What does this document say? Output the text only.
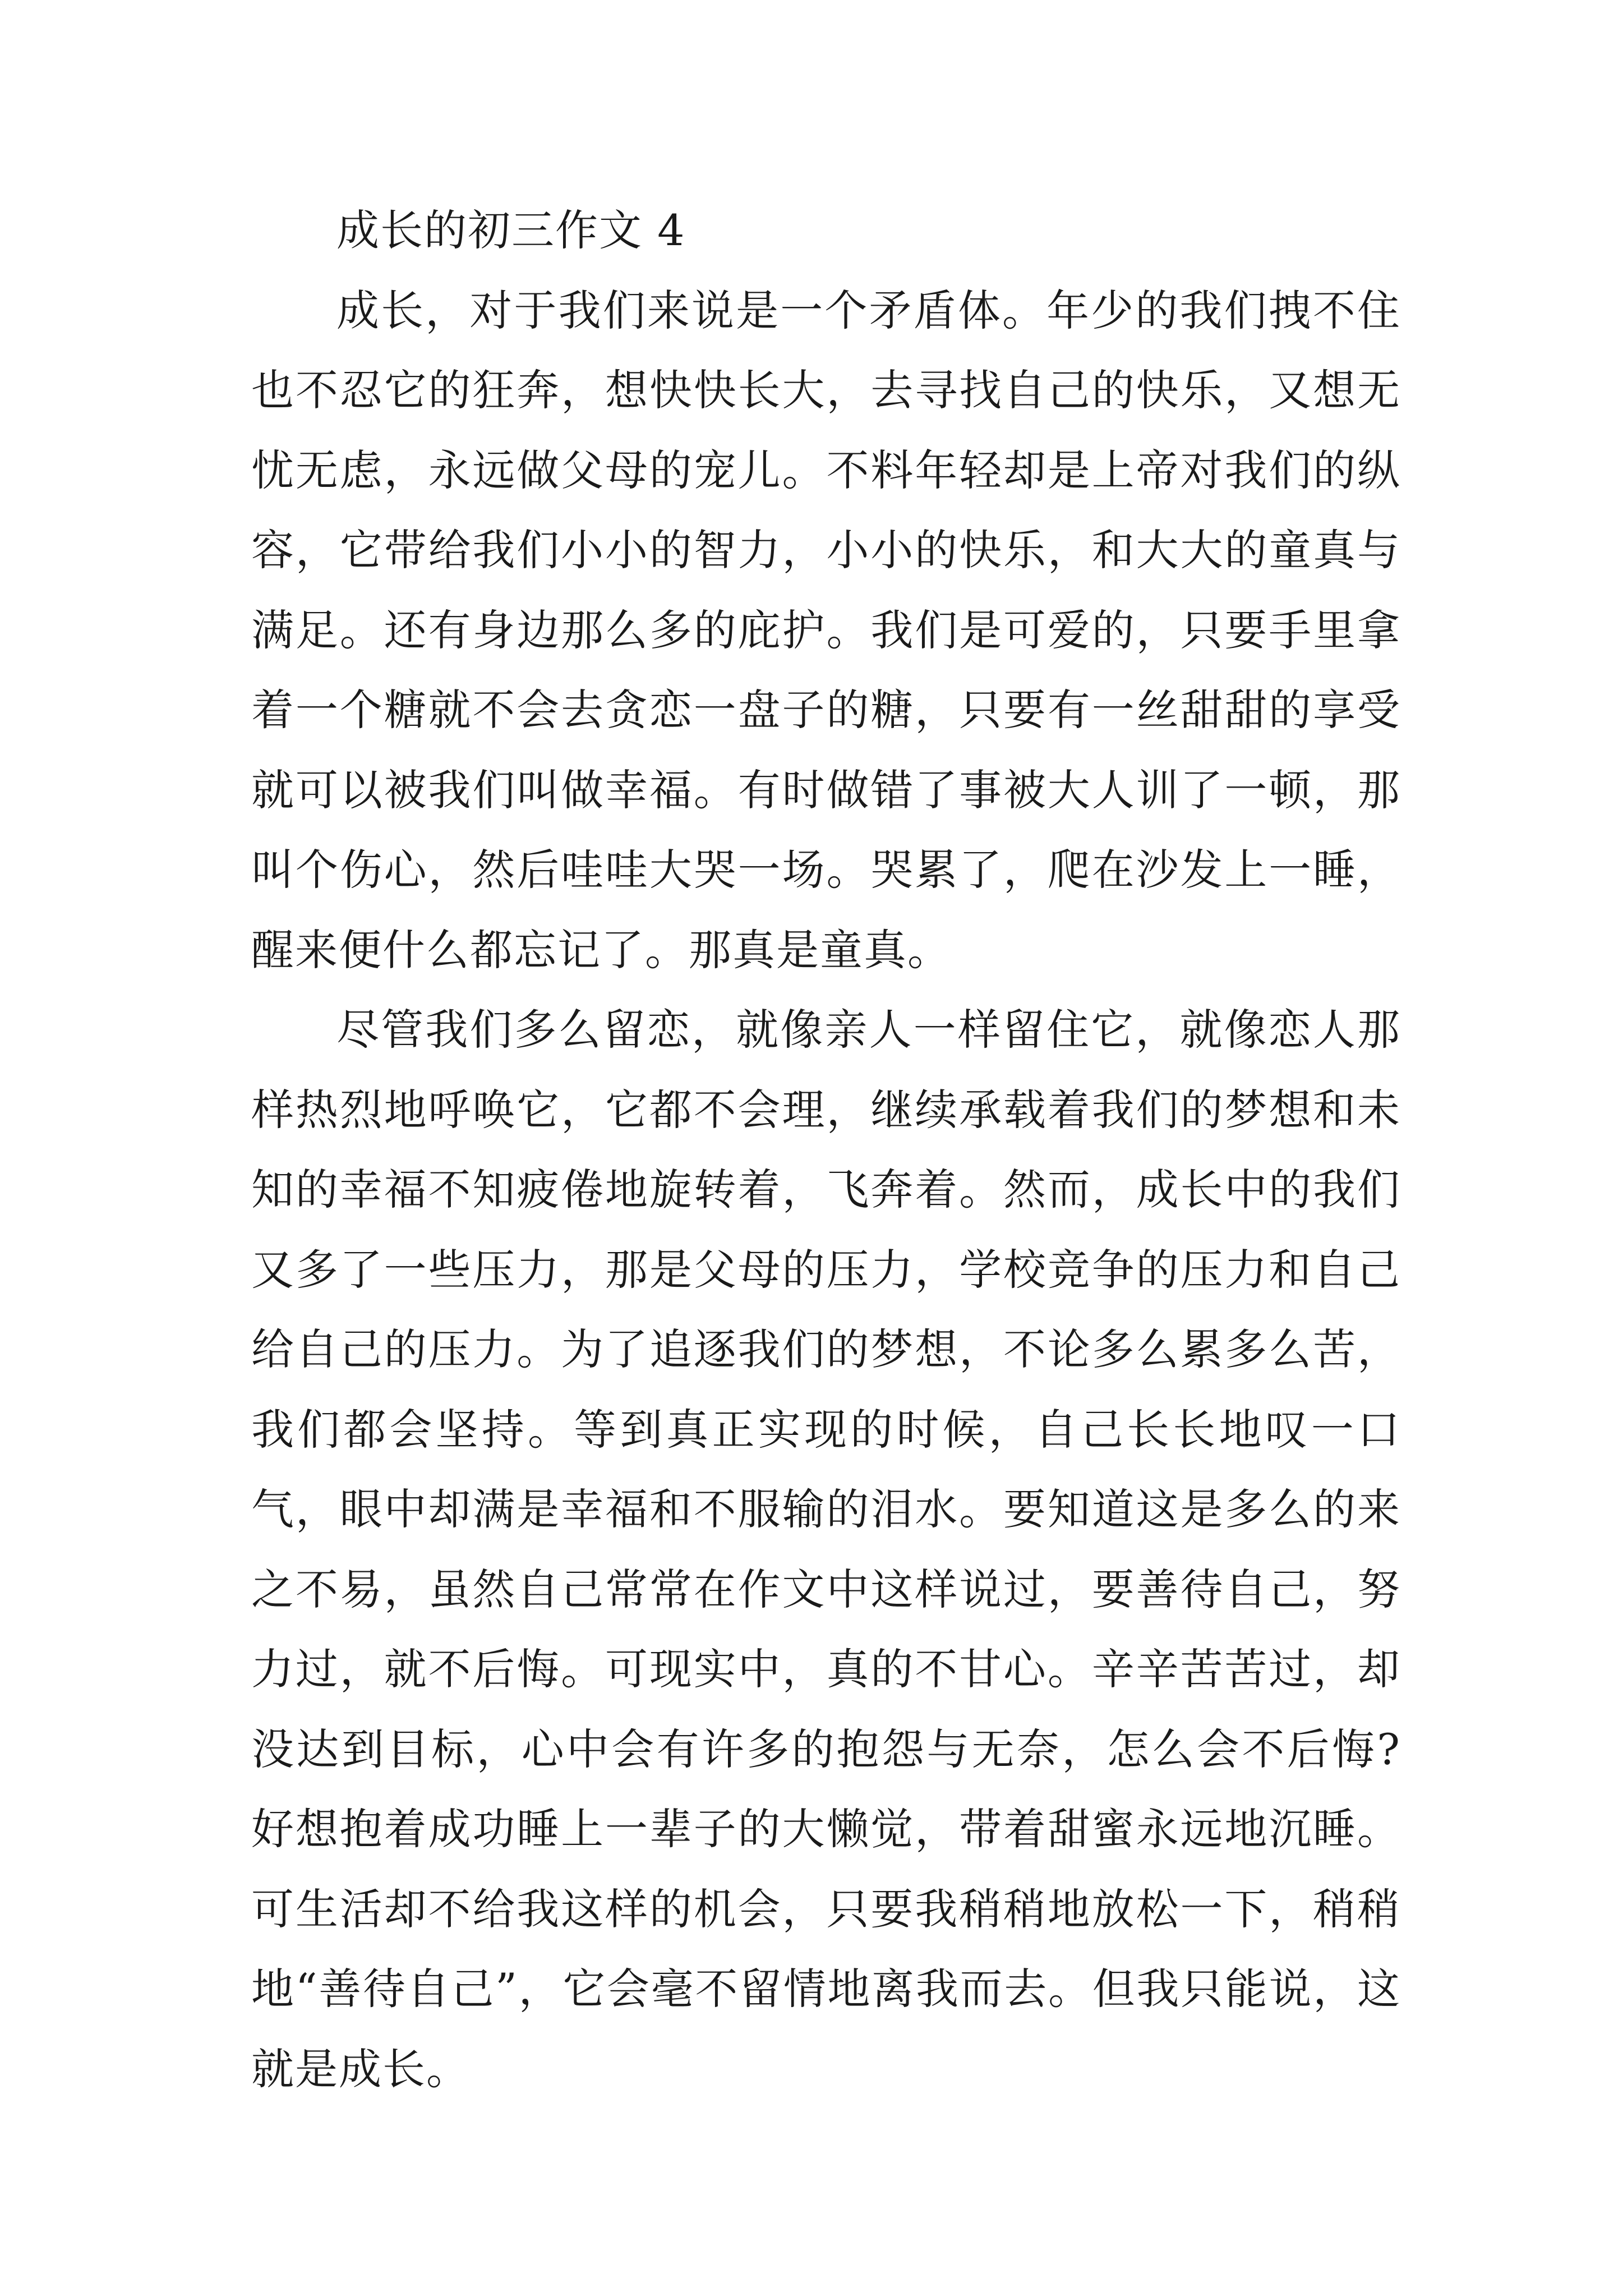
成长的初三作文 4

成长，对于我们来说是一个矛盾体。年少的我们拽不住也不忍它的狂奔，想快快长大，去寻找自己的快乐，又想无忧无虑，永远做父母的宠儿。不料年轻却是上帝对我们的纵容，它带给我们小小的智力，小小的快乐，和大大的童真与满足。还有身边那么多的庇护。我们是可爱的，只要手里拿着一个糖就不会去贪恋一盘子的糖，只要有一丝甜甜的享受就可以被我们叫做幸福。有时做错了事被大人训了一顿，那叫个伤心，然后哇哇大哭一场。哭累了，爬在沙发上一睡，醒来便什么都忘记了。那真是童真。

尽管我们多么留恋，就像亲人一样留住它，就像恋人那样热烈地呼唤它，它都不会理，继续承载着我们的梦想和未知的幸福不知疲倦地旋转着，飞奔着。然而，成长中的我们又多了一些压力，那是父母的压力，学校竞争的压力和自己给自己的压力。为了追逐我们的梦想，不论多么累多么苦，我们都会坚持。等到真正实现的时候，自己长长地叹一口气，眼中却满是幸福和不服输的泪水。要知道这是多么的来之不易，虽然自己常常在作文中这样说过，要善待自己，努力过，就不后悔。可现实中，真的不甘心。辛辛苦苦过，却没达到目标，心中会有许多的抱怨与无奈，怎么会不后悔?好想抱着成功睡上一辈子的大懒觉，带着甜蜜永远地沉睡。可生活却不给我这样的机会，只要我稍稍地放松一下，稍稍地“善待自己”，它会毫不留情地离我而去。但我只能说，这就是成长。
